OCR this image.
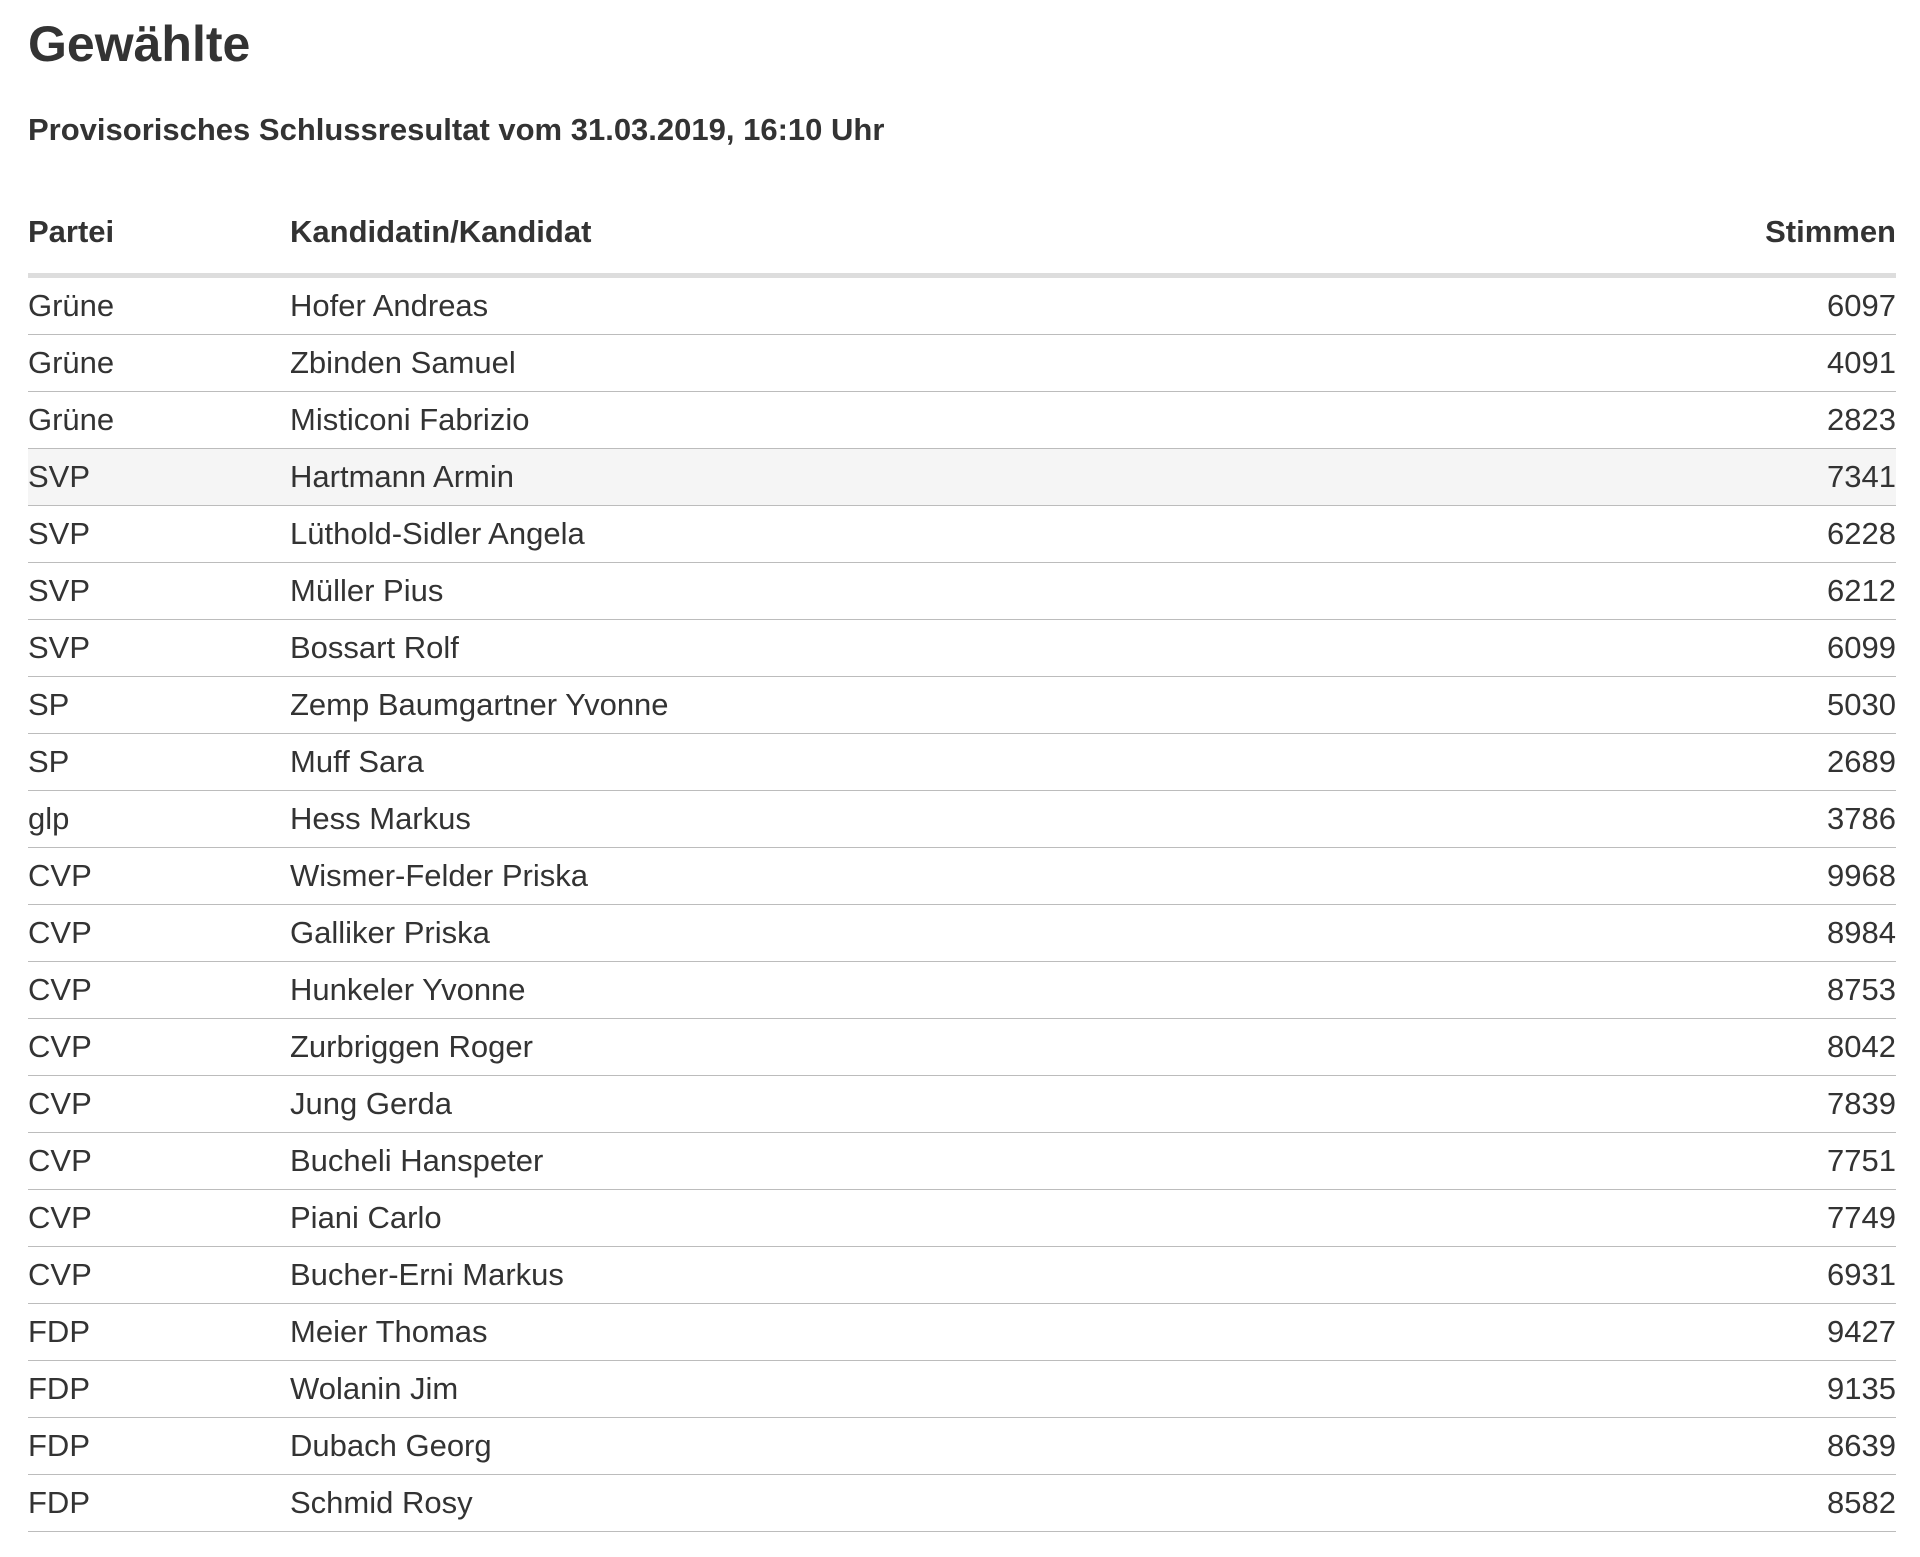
Gewählte
Provisorisches Schlussresultat vom 31.03.2019, 16:10 Uhr
Partei	Kandidatin/Kandidat	Stimmen
Grüne	Hofer Andreas	6097
Grüne	Zbinden Samuel	4091
Grüne	Misticoni Fabrizio	2823
SVP	Hartmann Armin	7341
SVP	Lüthold-Sidler Angela	6228
SVP	Müller Pius	6212
SVP	Bossart Rolf	6099
SP	Zemp Baumgartner Yvonne	5030
SP	Muff Sara	2689
glp	Hess Markus	3786
CVP	Wismer-Felder Priska	9968
CVP	Galliker Priska	8984
CVP	Hunkeler Yvonne	8753
CVP	Zurbriggen Roger	8042
CVP	Jung Gerda	7839
CVP	Bucheli Hanspeter	7751
CVP	Piani Carlo	7749
CVP	Bucher-Erni Markus	6931
FDP	Meier Thomas	9427
FDP	Wolanin Jim	9135
FDP	Dubach Georg	8639
FDP	Schmid Rosy	8582
